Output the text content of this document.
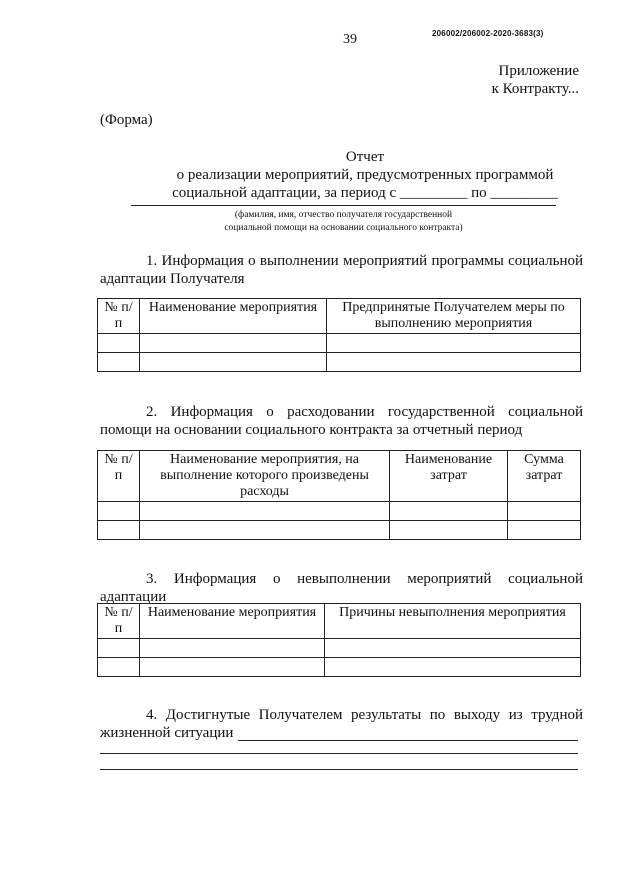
39	206002/206002-2020-3683(3)
Приложение
к Контракту...
(Форма)
Отчет
о реализации мероприятий, предусмотренных программой
социальной адаптации, за период с _________ по _________
(фамилия, имя, отчество получателя государственной
социальной помощи на основании социального контракта)
1. Информация о выполнении мероприятий программы социальной адаптации Получателя
№ п/п	Наименование мероприятия	Предпринятые Получателем меры по выполнению мероприятия

2. Информация о расходовании государственной социальной помощи на основании социального контракта за отчетный период
№ п/п	Наименование мероприятия, на выполнение которого произведены расходы	Наименование затрат	Сумма затрат

3. Информация о невыполнении мероприятий социальной адаптации
№ п/п	Наименование мероприятия	Причины невыполнения мероприятия

4. Достигнутые Получателем результаты по выходу из трудной жизненной ситуации
